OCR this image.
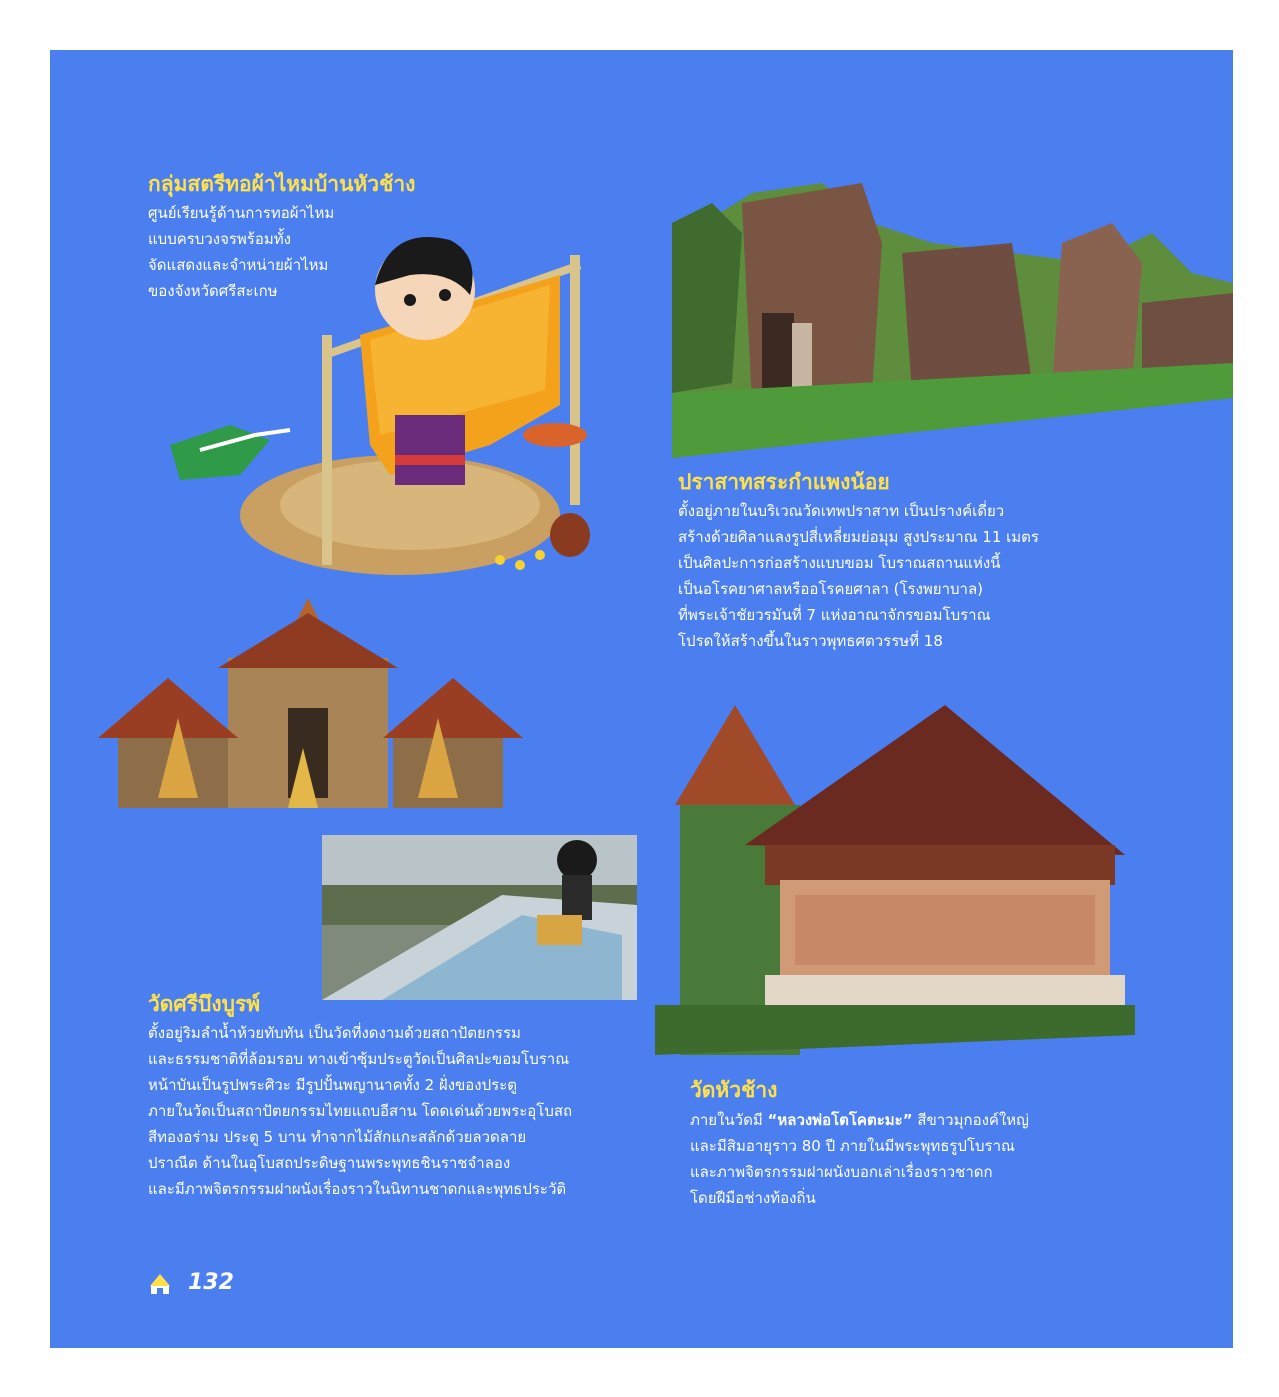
กลุ่มสตรีทอผ้าไหมบ้านหัวช้าง
ศูนย์เรียนรู้ด้านการทอผ้าไหม
แบบครบวงจรพร้อมทั้ง
จัดแสดงและจำหน่ายผ้าไหม
ของจังหวัดศรีสะเกษ
ปราสาทสระกำแพงน้อย
ตั้งอยู่ภายในบริเวณวัดเทพปราสาท เป็นปรางค์เดี่ยว
สร้างด้วยศิลาแลงรูปสี่เหลี่ยมย่อมุม สูงประมาณ 11 เมตร
เป็นศิลปะการก่อสร้างแบบขอม โบราณสถานแห่งนี้
เป็นอโรคยาศาลหรืออโรคยศาลา (โรงพยาบาล)
ที่พระเจ้าชัยวรมันที่ 7 แห่งอาณาจักรขอมโบราณ
โปรดให้สร้างขึ้นในราวพุทธศตวรรษที่ 18
วัดศรีบึงบูรพ์
ตั้งอยู่ริมลำน้ำห้วยทับทัน เป็นวัดที่งดงามด้วยสถาปัตยกรรม
และธรรมชาติที่ล้อมรอบ ทางเข้าซุ้มประตูวัดเป็นศิลปะขอมโบราณ
หน้าบันเป็นรูปพระศิวะ มีรูปปั้นพญานาคทั้ง 2 ฝั่งของประตู
ภายในวัดเป็นสถาปัตยกรรมไทยแถบอีสาน โดดเด่นด้วยพระอุโบสถ
สีทองอร่าม ประตู 5 บาน ทำจากไม้สักแกะสลักด้วยลวดลาย
ปราณีต ด้านในอุโบสถประดิษฐานพระพุทธชินราชจำลอง
และมีภาพจิตรกรรมฝาผนังเรื่องราวในนิทานชาดกและพุทธประวัติ
วัดหัวช้าง
ภายในวัดมี “หลวงพ่อโตโคตะมะ” สีขาวมุกองค์ใหญ่
และมีสิมอายุราว 80 ปี ภายในมีพระพุทธรูปโบราณ
และภาพจิตรกรรมฝาผนังบอกเล่าเรื่องราวชาดก
โดยฝีมือช่างท้องถิ่น
132
